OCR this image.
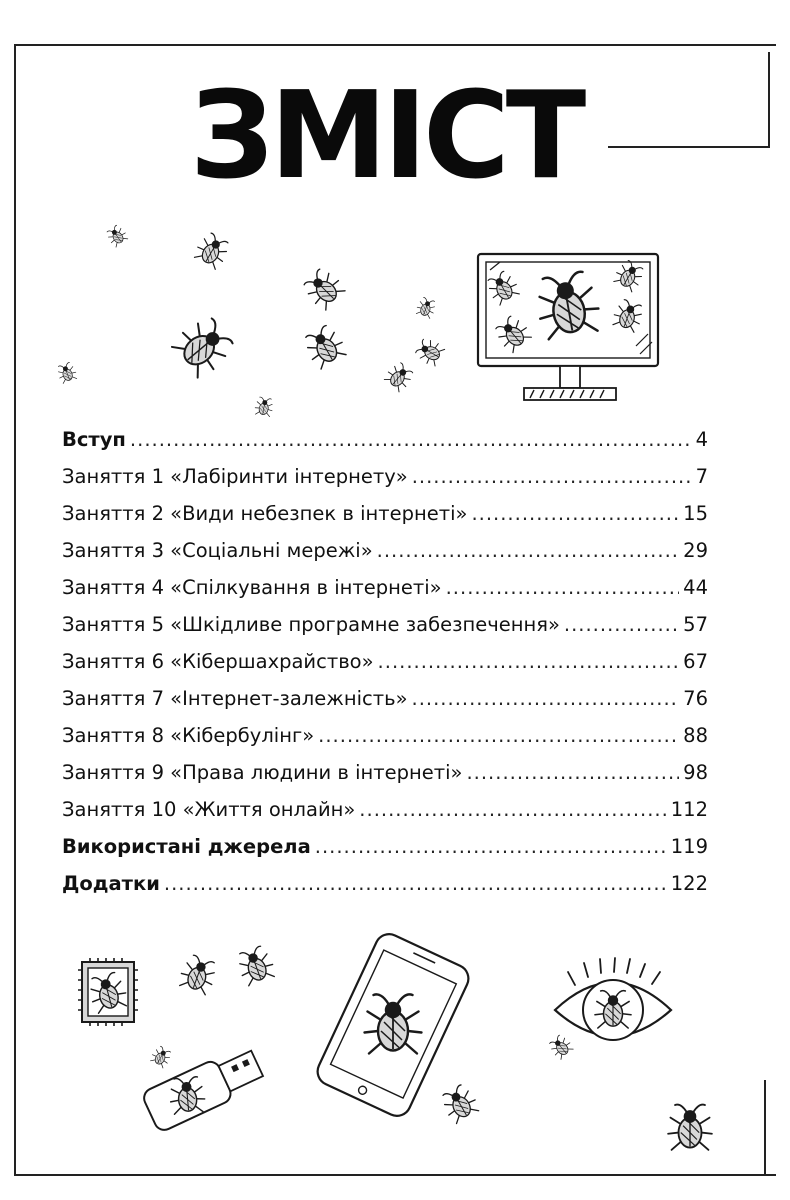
ЗМІСТ
Вступ .....	4
Заняття 1 «Лабіринти інтернету» .....	7
Заняття 2 «Види небезпек в інтернеті» .....	15
Заняття 3 «Соціальні мережі» .....	29
Заняття 4 «Спілкування в інтернеті» .....	44
Заняття 5 «Шкідливе програмне забезпечення» .....	57
Заняття 6 «Кібершахрайство» .....	67
Заняття 7 «Інтернет-залежність» .....	76
Заняття 8 «Кібербулінг» .....	88
Заняття 9 «Права людини в інтернеті» .....	98
Заняття 10 «Життя онлайн» .....	112
Використані джерела .....	119
Додатки .....	122
